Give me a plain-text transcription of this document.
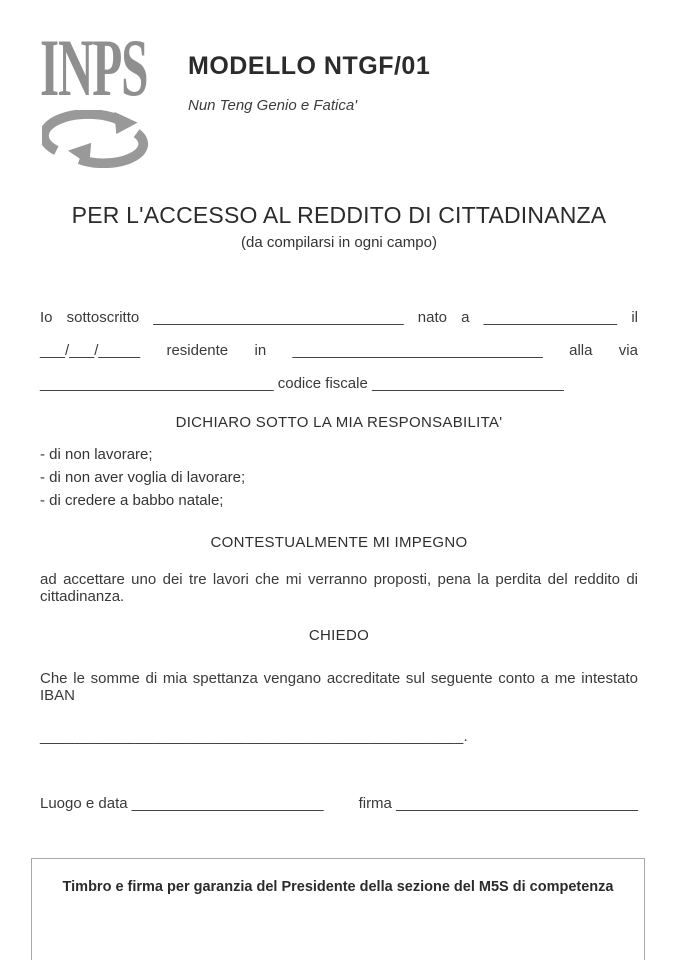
INPS MODELLO NTGF/01
Nun Teng Genio e Fatica'
PER L'ACCESSO AL REDDITO DI CITTADINANZA
(da compilarsi in ogni campo)
Io sottoscritto ______________________________ nato a ________________ il
___/___/_____ residente in ______________________________ alla via
____________________________ codice fiscale _______________________
DICHIARO SOTTO LA MIA RESPONSABILITA'
- di non lavorare;
- di non aver voglia di lavorare;
- di credere a babbo natale;
CONTESTUALMENTE MI IMPEGNO
ad accettare uno dei tre lavori che mi verranno proposti, pena la perdita del reddito di cittadinanza.
CHIEDO
Che le somme di mia spettanza vengano accreditate sul seguente conto a me intestato IBAN
_________________________________________________.
Luogo e data _______________________ firma _____________________________
Timbro e firma per garanzia del Presidente della sezione del M5S di competenza
